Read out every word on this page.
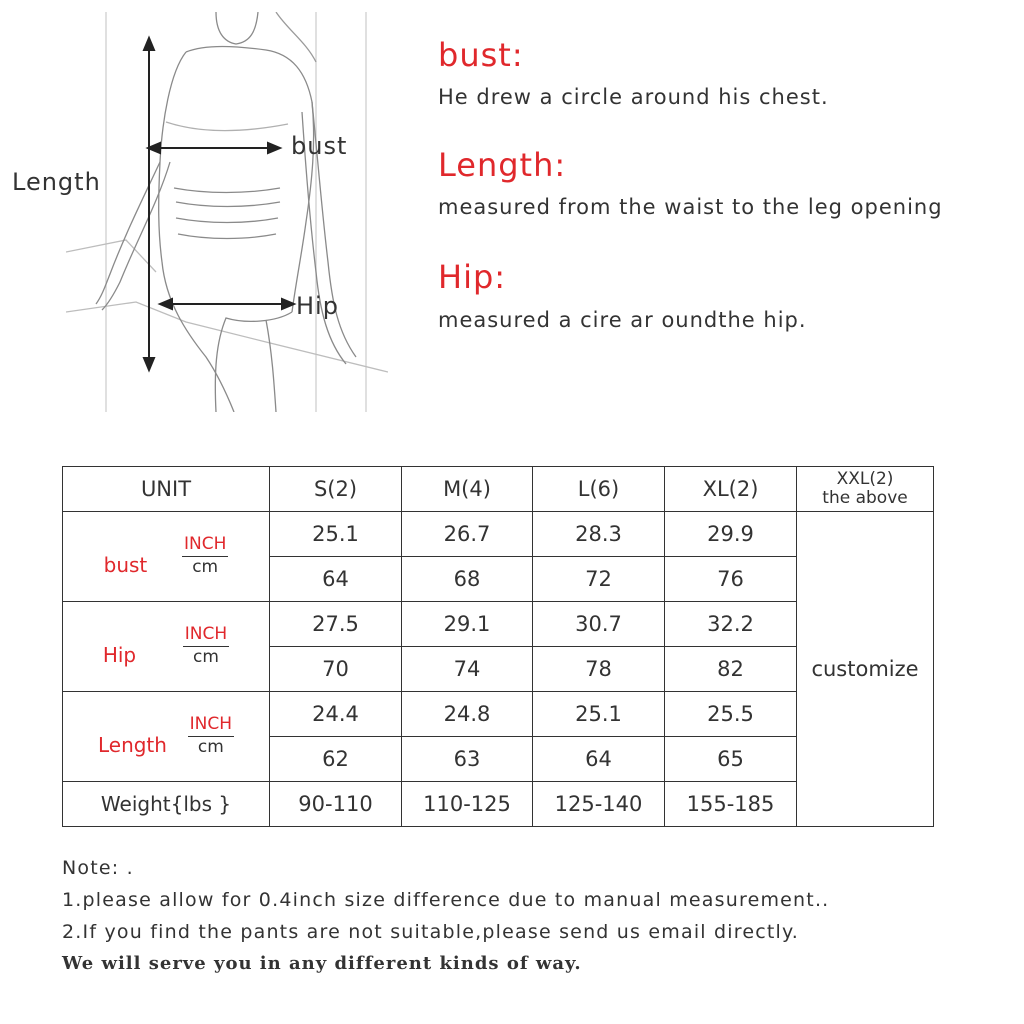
Length
bust
Hip
bust:
He drew a circle around his chest.
Length:
measured from the waist to the leg opening
Hip:
measured a cire ar oundthe hip.
UNIT	S(2)	M(4)	L(6)	XL(2)	XXL(2)
the above

bust
INCH
cm	25.1	26.7	28.3	29.9	customize
	64	68	72	76	
Hip
INCH
cm	27.5	29.1	30.7	32.2	
	70	74	78	82	
Length
INCH
cm	24.4	24.8	25.1	25.5	
	62	63	64	65	
Weight{lbs }	90-110	110-125	125-140	155-185	
Note: .
1.please allow for 0.4inch size difference due to manual measurement..
2.If you find the pants are not suitable,please send us email directly.
We will serve you in any different kinds of way.
